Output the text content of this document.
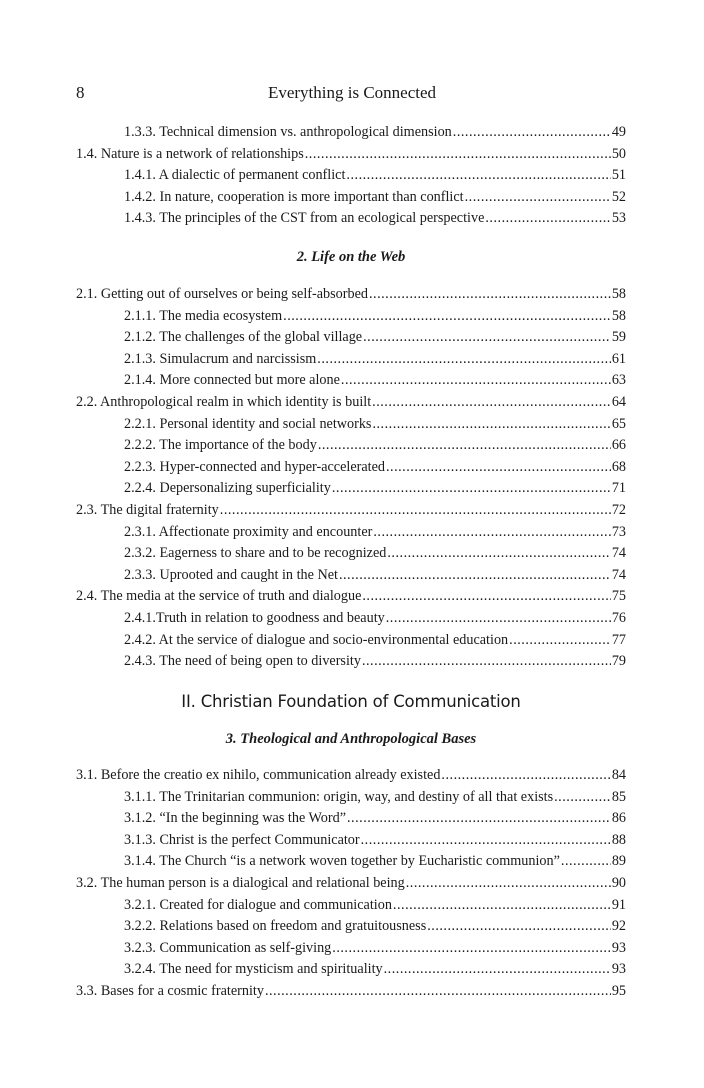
8	Everything is Connected
1.3.3. Technical dimension vs. anthropological dimension .....	49
1.4. Nature is a network of relationships .....	50
1.4.1. A dialectic of permanent conflict .....	51
1.4.2. In nature, cooperation is more important than conflict .....	52
1.4.3. The principles of the CST from an ecological perspective .....	53
2. Life on the Web
2.1. Getting out of ourselves or being self-absorbed .....	58
2.1.1. The media ecosystem .....	58
2.1.2. The challenges of the global village .....	59
2.1.3. Simulacrum and narcissism .....	61
2.1.4. More connected but more alone .....	63
2.2. Anthropological realm in which identity is built .....	64
2.2.1. Personal identity and social networks .....	65
2.2.2. The importance of the body .....	66
2.2.3. Hyper-connected and hyper-accelerated .....	68
2.2.4. Depersonalizing superficiality .....	71
2.3. The digital fraternity .....	72
2.3.1. Affectionate proximity and encounter .....	73
2.3.2. Eagerness to share and to be recognized .....	74
2.3.3. Uprooted and caught in the Net .....	74
2.4. The media at the service of truth and dialogue .....	75
2.4.1.Truth in relation to goodness and beauty .....	76
2.4.2. At the service of dialogue and socio-environmental education .....	77
2.4.3. The need of being open to diversity .....	79
II. Christian Foundation of Communication
3. Theological and Anthropological Bases
3.1. Before the creatio ex nihilo, communication already existed .....	84
3.1.1. The Trinitarian communion: origin, way, and destiny of all that exists .....	85
3.1.2. “In the beginning was the Word” .....	86
3.1.3. Christ is the perfect Communicator .....	88
3.1.4. The Church “is a network woven together by Eucharistic communion” .....	89
3.2. The human person is a dialogical and relational being .....	90
3.2.1. Created for dialogue and communication .....	91
3.2.2. Relations based on freedom and gratuitousness .....	92
3.2.3. Communication as self-giving .....	93
3.2.4. The need for mysticism and spirituality .....	93
3.3. Bases for a cosmic fraternity .....	95
